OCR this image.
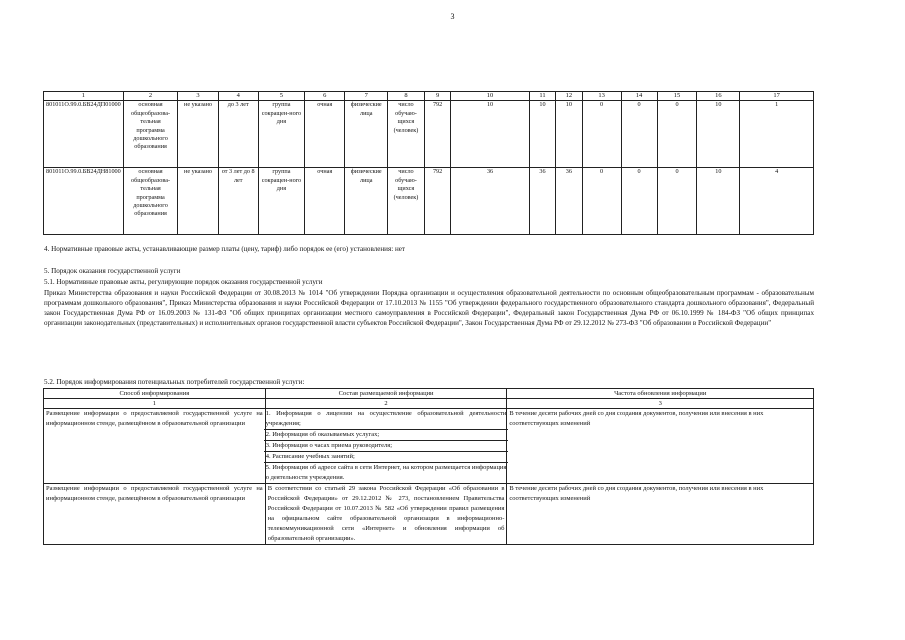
3
1	2	3	4	5	6	7	8	9	10	11	12	13	14	15	16	17
801011О.99.0.БВ24ДП01000	основная общеобразова-тельная программа дошкольного образования	не указано	до 3 лет	группа сокращен-ного дня	очная	физические лица	число обучаю-щихся (человек)	792	10	10	10	0	0	0	10	1
801011О.99.0.БВ24ДН81000	основная общеобразова-тельная программа дошкольного образования	не указано	от 3 лет до 8 лет	группа сокращен-ного дня	очная	физические лица	число обучаю-щихся (человек)	792	36	36	36	0	0	0	10	4
4. Нормативные правовые акты, устанавливающие размер платы (цену, тариф) либо порядок ее (его) установления: нет
5. Порядок оказания государственной услуги
5.1. Нормативные правовые акты, регулирующие порядок оказания государственной услуги
Приказ Министерства образования и науки Российской Федерации от 30.08.2013 № 1014 "Об утверждении Порядка организации и осуществления образовательной деятельности по основным общеобразовательным программам - образовательным программам дошкольного образования", Приказ Министерства образования и науки Российской Федерации от 17.10.2013 № 1155 "Об утверждении федерального государственного образовательного стандарта дошкольного образования", Федеральный закон Государственная Дума РФ от 16.09.2003 № 131-ФЗ "Об общих принципах организации местного самоуправления в Российской Федерации", Федеральный закон Государственная Дума РФ от 06.10.1999 № 184-ФЗ "Об общих принципах организации законодательных (представительных) и исполнительных органов государственной власти субъектов Российской Федерации", Закон Государственная Дума РФ от 29.12.2012 № 273-ФЗ "Об образовании в Российской Федерации"
5.2. Порядок информирования потенциальных потребителей государственной услуги:
Способ информирования	Состав размещаемой информации	Частота обновления информации
1	2	3
Размещение информации о предоставляемой государственной услуге на информационном стенде, размещённом в образовательной организации	1. Информация о лицензии на осуществление образовательной деятельности учреждения;
2. Информация об оказываемых услугах;
3. Информация о часах приема руководителя;
4. Расписание учебных занятий;
5. Информация об адресе сайта в сети Интернет, на котором размещается информация о деятельности учреждения.	В течение десяти рабочих дней со дня создания документов, получения или внесения в них соответствующих изменений
Размещение информации о предоставляемой государственной услуге на информационном стенде, размещённом в образовательной организации	В соответствии со статьей 29 закона Российской Федерации «Об образовании в Российской Федерации» от 29.12.2012 № 273, постановлением Правительства Российской Федерации от 10.07.2013 № 582 «Об утверждении правил размещения на официальном сайте образовательной организации в информационно-телекоммуникационной сети «Интернет» и обновления информации об образовательной организации».	В течение десяти рабочих дней со дня создания документов, получения или внесения в них соответствующих изменений
